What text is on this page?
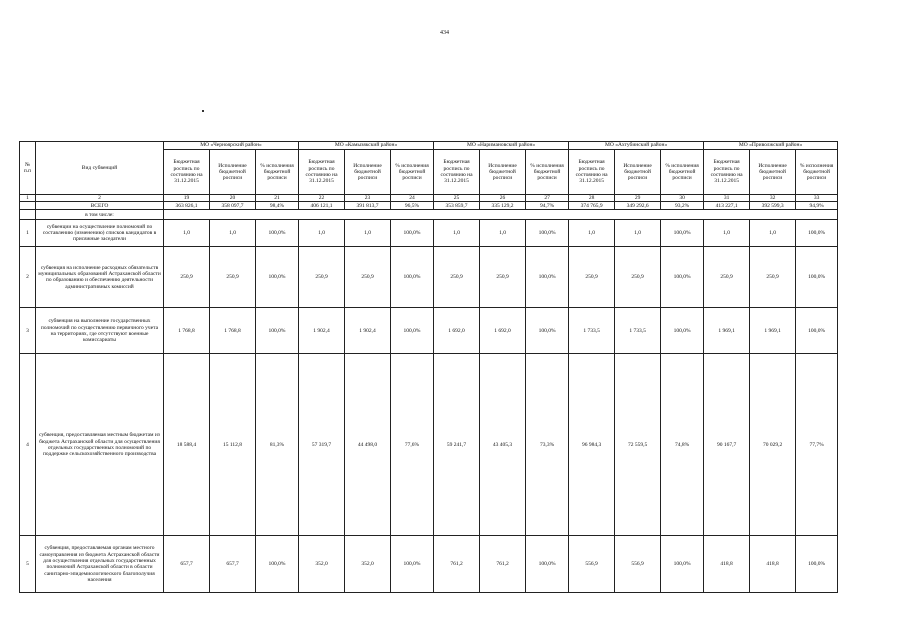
434
№ п.п	Вид субвенций	МО «Черноярский район»			МО «Камызякский район»			МО «Наримановский район»			МО «Ахтубинский район»			МО «Приволжский район»		
		Бюджетная роспись по состоянию на 31.12.2015	Исполнение бюджетной росписи	% исполнения бюджетной росписи	Бюджетная роспись по состоянию на 31.12.2015	Исполнение бюджетной росписи	% исполнения бюджетной росписи	Бюджетная роспись по состоянию на 31.12.2015	Исполнение бюджетной росписи	% исполнения бюджетной росписи	Бюджетная роспись по состоянию на 31.12.2015	Исполнение бюджетной росписи	% исполнения бюджетной росписи	Бюджетная роспись по состоянию на 31.12.2015	Исполнение бюджетной росписи	% исполнения бюджетной росписи
1	2	19	20	21	22	23	24	25	26	27	28	29	30	31	32	33
	ВСЕГО	363 826,1	358 097,7	98,4%	406 121,1	391 813,7	96,5%	353 859,7	335 129,2	94,7%	374 765,9	349 292,6	93,2%	413 227,1	392 599,3	94,9%
	в том числе:															
1	субвенции на осуществление полномочий по составлению (изменению) списков кандидатов в присяжные заседатели	1,0	1,0	100,0%	1,0	1,0	100,0%	1,0	1,0	100,0%	1,0	1,0	100,0%	1,0	1,0	100,0%
2	субвенция на исполнение расходных обязательств муниципальных образований Астраханской области по образованию и обеспечению деятельности административных комиссий	250,9	250,9	100,0%	250,9	250,9	100,0%	250,9	250,9	100,0%	250,9	250,9	100,0%	250,9	250,9	100,0%
3	субвенция на выполнение государственных полномочий по осуществлению первичного учета на территориях, где отсутствуют военные комиссариаты	1 768,8	1 768,8	100,0%	1 902,4	1 902,4	100,0%	1 692,0	1 692,0	100,0%	1 733,5	1 733,5	100,0%	1 969,1	1 969,1	100,0%
4	субвенция, предоставляемая местным бюджетам из бюджета Астраханской области для осуществления отдельных государственных полномочий по поддержке сельскохозяйственного производства	18 588,4	15 112,8	81,3%	57 319,7	44 498,0	77,6%	59 241,7	43 405,3	73,3%	96 984,3	72 559,5	74,8%	90 167,7	70 029,2	77,7%
5	субвенция, предоставляемая органам местного самоуправления из бюджета Астраханской области для осуществления отдельных государственных полномочий Астраханской области в области санитарно-эпидемиологического благополучия населения	657,7	657,7	100,0%	352,0	352,0	100,0%	761,2	761,2	100,0%	556,9	556,9	100,0%	418,8	418,8	100,0%
